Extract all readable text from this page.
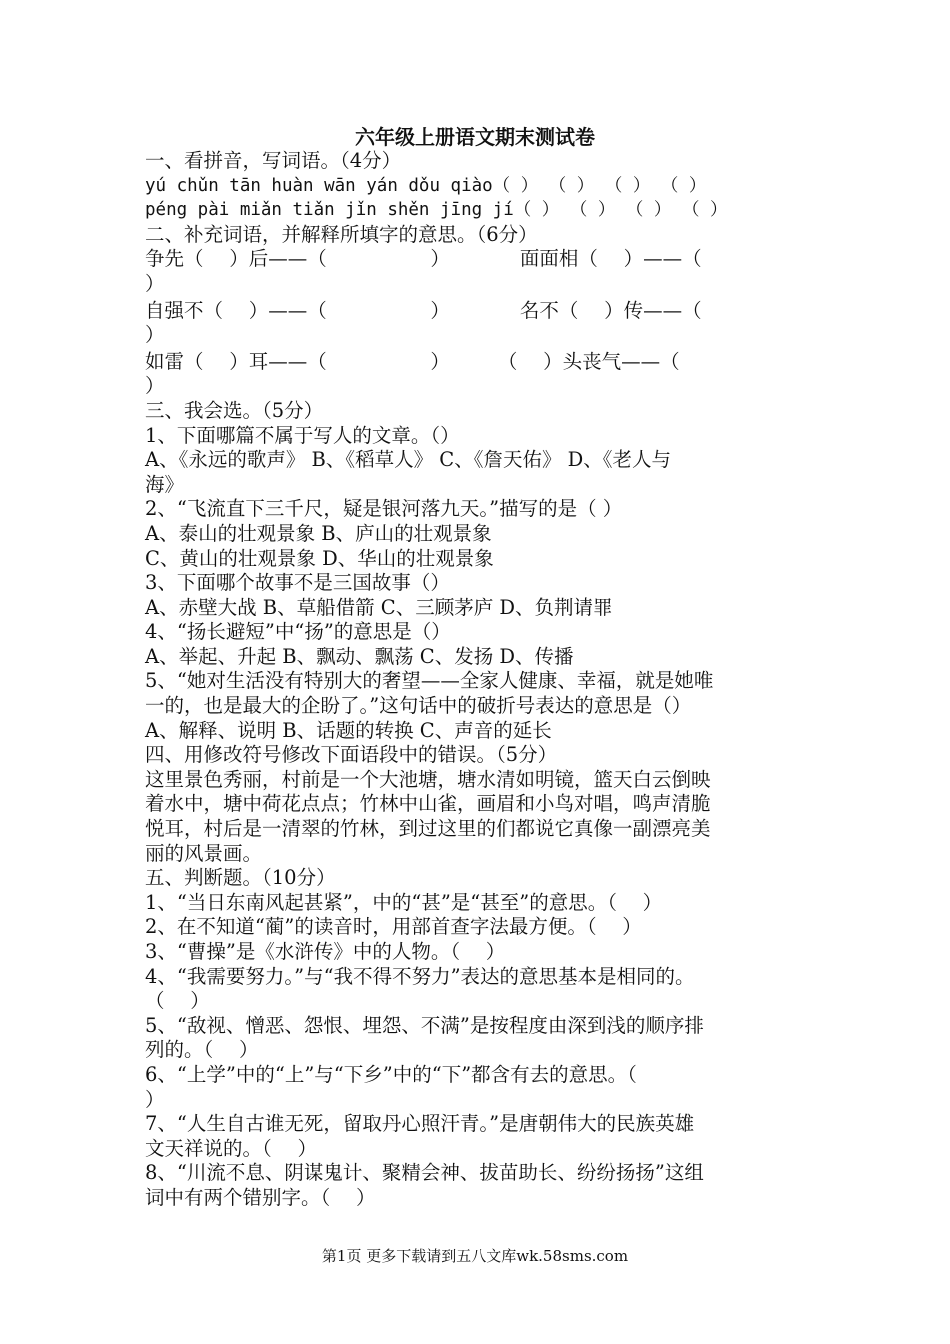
六年级上册语文期末测试卷
一、看拼音，写词语。（4分）
yú chǔn tān huàn wān yán dǒu qiào（ ） （ ） （ ） （ ）
péng pài miǎn tiǎn jǐn shěn jīng jí（ ） （ ） （ ） （ ）
二、补充词语，并解释所填字的意思。（6分）
争先（　 ）后——（　　　　　 ）	面面相（　 ）——（
）
自强不（　 ）——（　　　　　 ）	名不（　 ）传——（
）
如雷（　 ）耳——（　　　　　 ） （　 ）头丧气——（
）
三、我会选。（5分）
1、下面哪篇不属于写人的文章。（）
A、《永远的歌声》 B、《稻草人》 C、《詹天佑》 D、《老人与
海》
2、“飞流直下三千尺，疑是银河落九天。”描写的是（ ）
A、泰山的壮观景象 B、庐山的壮观景象
C、黄山的壮观景象 D、华山的壮观景象
3、下面哪个故事不是三国故事（）
A、赤壁大战 B、草船借箭 C、三顾茅庐 D、负荆请罪
4、“扬长避短”中“扬”的意思是（）
A、举起、升起 B、飘动、飘荡 C、发扬 D、传播
5、“她对生活没有特别大的奢望——全家人健康、幸福，就是她唯
一的，也是最大的企盼了。”这句话中的破折号表达的意思是（）
A、解释、说明 B、话题的转换 C、声音的延长
四、用修改符号修改下面语段中的错误。（5分）
这里景色秀丽，村前是一个大池塘，塘水清如明镜，篮天白云倒映
着水中，塘中荷花点点；竹林中山雀，画眉和小鸟对唱，鸣声清脆
悦耳，村后是一清翠的竹林，到过这里的们都说它真像一副漂亮美
丽的风景画。
五、判断题。（10分）
1、“当日东南风起甚紧”，中的“甚”是“甚至”的意思。（　 ）
2、在不知道“蔺”的读音时，用部首查字法最方便。（　 ）
3、“曹操”是《水浒传》中的人物。（　 ）
4、“我需要努力。”与“我不得不努力”表达的意思基本是相同的。
（　 ）
5、“敌视、憎恶、怨恨、埋怨、不满”是按程度由深到浅的顺序排
列的。（　 ）
6、“上学”中的“上”与“下乡”中的“下”都含有去的意思。（
）
7、“人生自古谁无死，留取丹心照汗青。”是唐朝伟大的民族英雄
文天祥说的。（　 ）
8、“川流不息、阴谋鬼计、聚精会神、拔苗助长、纷纷扬扬”这组
词中有两个错别字。（　 ）
第1页 更多下载请到五八文库wk.58sms.com
